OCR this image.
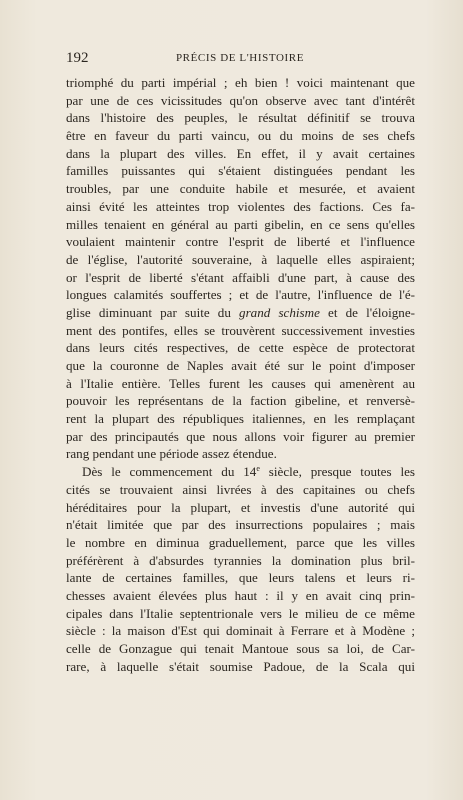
192	PRÉCIS DE L'HISTOIRE
triomphé du parti impérial ; eh bien ! voici maintenant que
par une de ces vicissitudes qu'on observe avec tant d'intérêt
dans l'histoire des peuples, le résultat définitif se trouva
être en faveur du parti vaincu, ou du moins de ses chefs
dans la plupart des villes. En effet, il y avait certaines
familles puissantes qui s'étaient distinguées pendant les
troubles, par une conduite habile et mesurée, et avaient
ainsi évité les atteintes trop violentes des factions. Ces fa-
milles tenaient en général au parti gibelin, en ce sens qu'elles
voulaient maintenir contre l'esprit de liberté et l'influence
de l'église, l'autorité souveraine, à laquelle elles aspiraient;
or l'esprit de liberté s'étant affaibli d'une part, à cause des
longues calamités souffertes ; et de l'autre, l'influence de l'é-
glise diminuant par suite du grand schisme et de l'éloigne-
ment des pontifes, elles se trouvèrent successivement investies
dans leurs cités respectives, de cette espèce de protectorat
que la couronne de Naples avait été sur le point d'imposer
à l'Italie entière. Telles furent les causes qui amenèrent au
pouvoir les représentans de la faction gibeline, et renversè-
rent la plupart des républiques italiennes, en les remplaçant
par des principautés que nous allons voir figurer au premier
rang pendant une période assez étendue.
Dès le commencement du 14e siècle, presque toutes les
cités se trouvaient ainsi livrées à des capitaines ou chefs
héréditaires pour la plupart, et investis d'une autorité qui
n'était limitée que par des insurrections populaires ; mais
le nombre en diminua graduellement, parce que les villes
préférèrent à d'absurdes tyrannies la domination plus bril-
lante de certaines familles, que leurs talens et leurs ri-
chesses avaient élevées plus haut : il y en avait cinq prin-
cipales dans l'Italie septentrionale vers le milieu de ce même
siècle : la maison d'Est qui dominait à Ferrare et à Modène ;
celle de Gonzague qui tenait Mantoue sous sa loi, de Car-
rare, à laquelle s'était soumise Padoue, de la Scala qui
